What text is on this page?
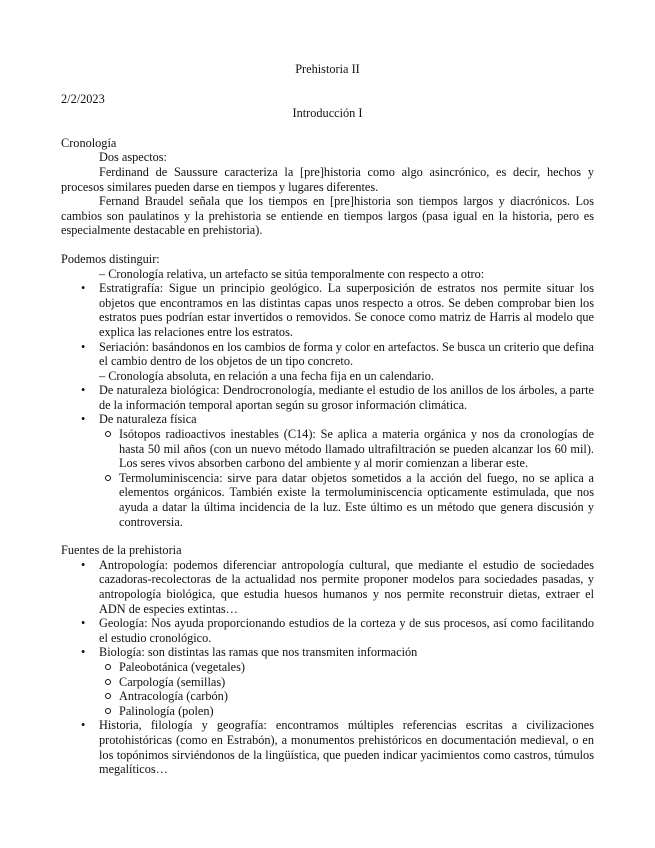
Prehistoria II

2/2/2023

Introducción I

Cronología

Dos aspectos:

Ferdinand de Saussure caracteriza la [pre]historia como algo asincrónico, es decir, hechos y procesos similares pueden darse en tiempos y lugares diferentes.

Fernand Braudel señala que los tiempos en [pre]historia son tiempos largos y diacrónicos. Los cambios son paulatinos y la prehistoria se entiende en tiempos largos (pasa igual en la historia, pero es especialmente destacable en prehistoria).

Podemos distinguir:

– Cronología relativa, un artefacto se sitúa temporalmente con respecto a otro:

• Estratigrafía: Sigue un principio geológico. La superposición de estratos nos permite situar los objetos que encontramos en las distintas capas unos respecto a otros. Se deben comprobar bien los estratos pues podrían estar invertidos o removidos. Se conoce como matriz de Harris al modelo que explica las relaciones entre los estratos.
• Seriación: basándonos en los cambios de forma y color en artefactos. Se busca un criterio que defina el cambio dentro de los objetos de un tipo concreto.

– Cronología absoluta, en relación a una fecha fija en un calendario.

• De naturaleza biológica: Dendrocronología, mediante el estudio de los anillos de los árboles, a parte de la información temporal aportan según su grosor información climática.
• De naturaleza física
Isótopos radioactivos inestables (C14): Se aplica a materia orgánica y nos da cronologías de hasta 50 mil años (con un nuevo método llamado ultrafiltración se pueden alcanzar los 60 mil). Los seres vivos absorben carbono del ambiente y al morir comienzan a liberar este.
Termoluminiscencia: sirve para datar objetos sometidos a la acción del fuego, no se aplica a elementos orgánicos. También existe la termoluminiscencia opticamente estimulada, que nos ayuda a datar la última incidencia de la luz. Este último es un método que genera discusión y controversia.

Fuentes de la prehistoria

• Antropología: podemos diferenciar antropología cultural, que mediante el estudio de sociedades cazadoras-recolectoras de la actualidad nos permite proponer modelos para sociedades pasadas, y antropología biológica, que estudia huesos humanos y nos permite reconstruir dietas, extraer el ADN de especies extintas…
• Geología: Nos ayuda proporcionando estudios de la corteza y de sus procesos, así como facilitando el estudio cronológico.
• Biología: son distintas las ramas que nos transmiten información
Paleobotánica (vegetales)
Carpología (semillas)
Antracología (carbón)
Palinología (polen)
• Historia, filología y geografía: encontramos múltiples referencias escritas a civilizaciones protohistóricas (como en Estrabón), a monumentos prehistóricos en documentación medieval, o en los topónimos sirviéndonos de la lingüística, que pueden indicar yacimientos como castros, túmulos megalíticos…
